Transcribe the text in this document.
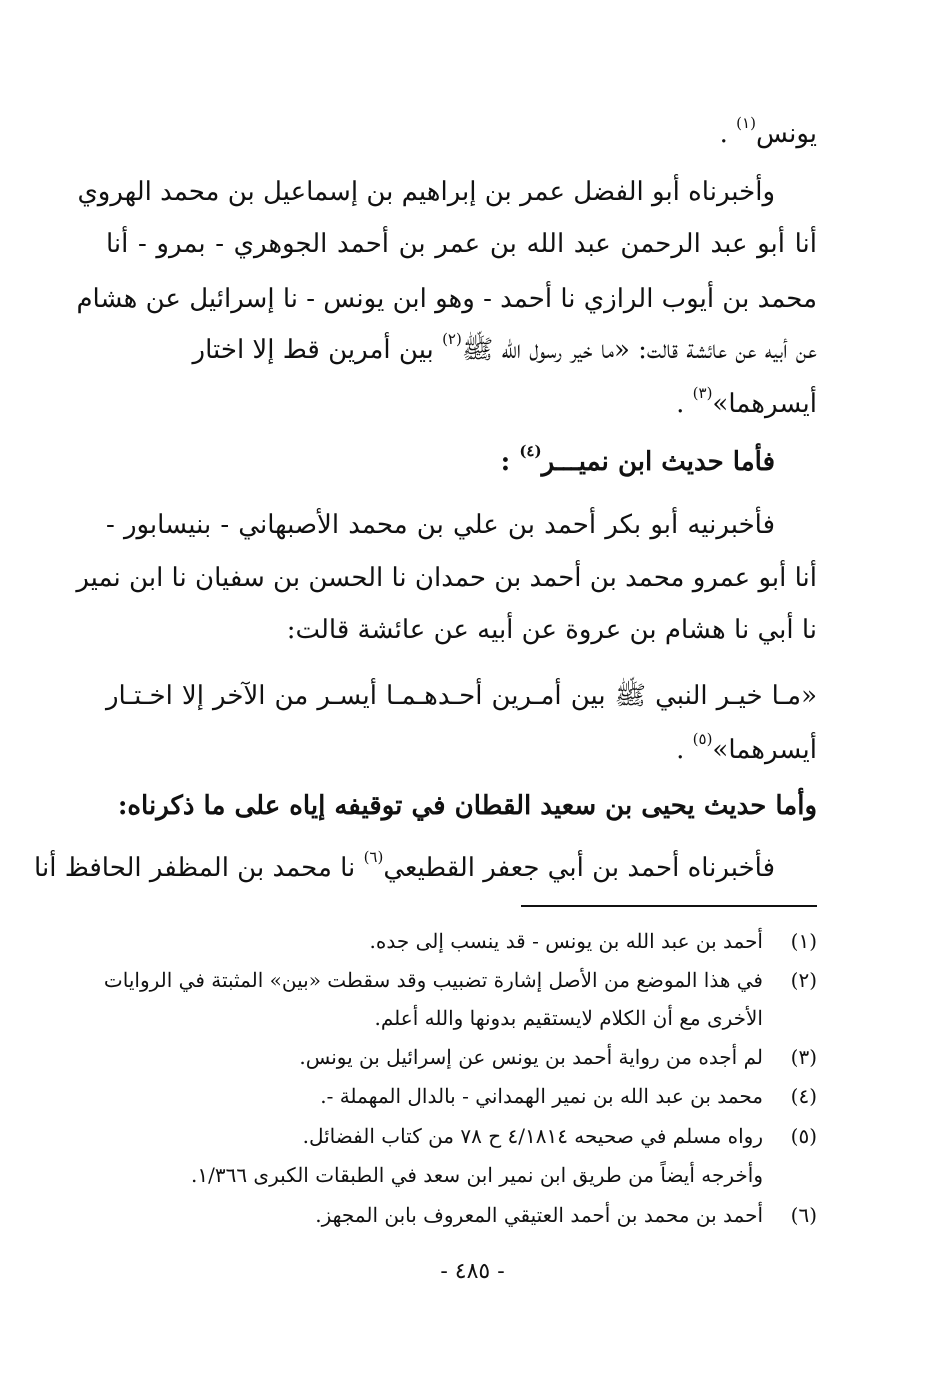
يونس$^{(١)}$ .
وأخبرناه أبو الفضل عمر بن إبراهيم بن إسماعيل بن محمد الهروي
أنا أبو عبد الرحمن عبد الله بن عمر بن أحمد الجوهري - بمرو - أنا
محمد بن أيوب الرازي نا أحمد - وهو ابن يونس - نا إسرائيل عن هشام
عن أبيه عن عائشة قالت: «ما خير رسول الله ﷺ$^{(٢)}$ بين أمرين قط إلا اختار
أيسرهما»$^{(٣)}$ .
فأما حديث ابن نميـــر$^{(٤)}$ :
فأخبرنيه أبو بكر أحمد بن علي بن محمد الأصبهاني - بنيسابور -
أنا أبو عمرو محمد بن أحمد بن حمدان نا الحسن بن سفيان نا ابن نمير
نا أبي نا هشام بن عروة عن أبيه عن عائشة قالت:
«مـا خيـر النبي ﷺ بين أمـرين أحـدهـمـا أيسـر من الآخر إلا اخـتـار
أيسرهما»$^{(٥)}$ .
وأما حديث يحيى بن سعيد القطان في توقيفه إياه على ما ذكرناه:
فأخبرناه أحمد بن أبي جعفر القطيعي$^{(٦)}$ نا محمد بن المظفر الحافظ أنا
(١)أحمد بن عبد الله بن يونس - قد ينسب إلى جده.
(٢)في هذا الموضع من الأصل إشارة تضبيب وقد سقطت «بين» المثبتة في الروايات
الأخرى مع أن الكلام لايستقيم بدونها والله أعلم.
(٣)لم أجده من رواية أحمد بن يونس عن إسرائيل بن يونس.
(٤)محمد بن عبد الله بن نمير الهمداني - بالدال المهملة -.
(٥)رواه مسلم في صحيحه ٤/١٨١٤ ح ٧٨ من كتاب الفضائل.
وأخرجه أيضاً من طريق ابن نمير ابن سعد في الطبقات الكبرى ١/٣٦٦.
(٦)أحمد بن محمد بن أحمد العتيقي المعروف بابن المجهز.
- ٤٨٥ -
